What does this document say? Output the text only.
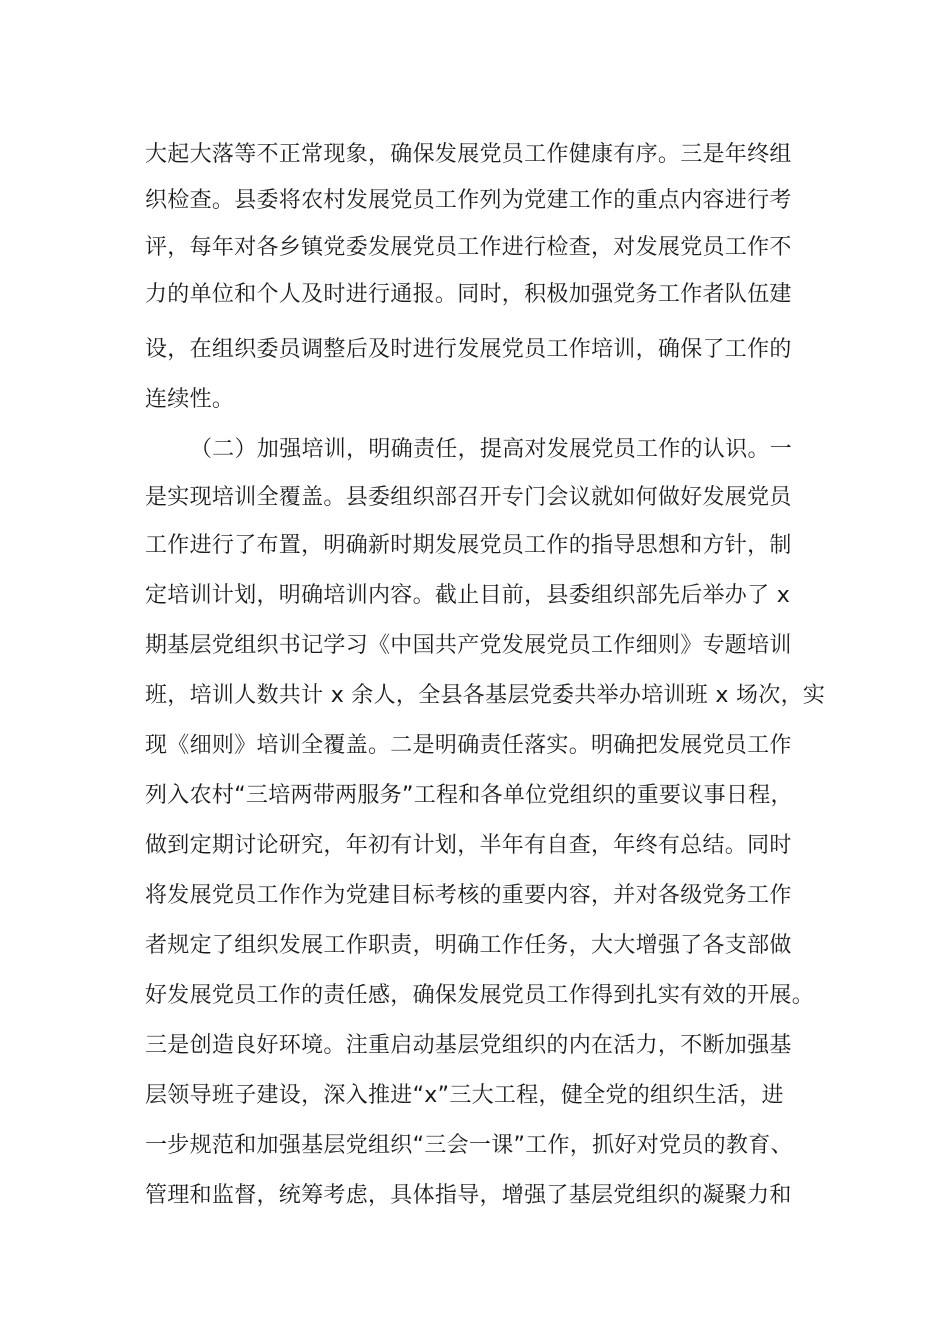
大起大落等不正常现象，确保发展党员工作健康有序。三是年终组
织检查。县委将农村发展党员工作列为党建工作的重点内容进行考
评，每年对各乡镇党委发展党员工作进行检查，对发展党员工作不
力的单位和个人及时进行通报。同时，积极加强党务工作者队伍建
设，在组织委员调整后及时进行发展党员工作培训，确保了工作的
连续性。
（二）加强培训，明确责任，提高对发展党员工作的认识。一
是实现培训全覆盖。县委组织部召开专门会议就如何做好发展党员
工作进行了布置，明确新时期发展党员工作的指导思想和方针，制
定培训计划，明确培训内容。截止目前，县委组织部先后举办了 x
期基层党组织书记学习《中国共产党发展党员工作细则》专题培训
班，培训人数共计 x 余人，全县各基层党委共举办培训班 x 场次，实
现《细则》培训全覆盖。二是明确责任落实。明确把发展党员工作
列入农村“三培两带两服务”工程和各单位党组织的重要议事日程，
做到定期讨论研究，年初有计划，半年有自查，年终有总结。同时
将发展党员工作作为党建目标考核的重要内容，并对各级党务工作
者规定了组织发展工作职责，明确工作任务，大大增强了各支部做
好发展党员工作的责任感，确保发展党员工作得到扎实有效的开展。
三是创造良好环境。注重启动基层党组织的内在活力，不断加强基
层领导班子建设，深入推进“x”三大工程，健全党的组织生活，进
一步规范和加强基层党组织“三会一课”工作，抓好对党员的教育、
管理和监督，统筹考虑，具体指导，增强了基层党组织的凝聚力和
